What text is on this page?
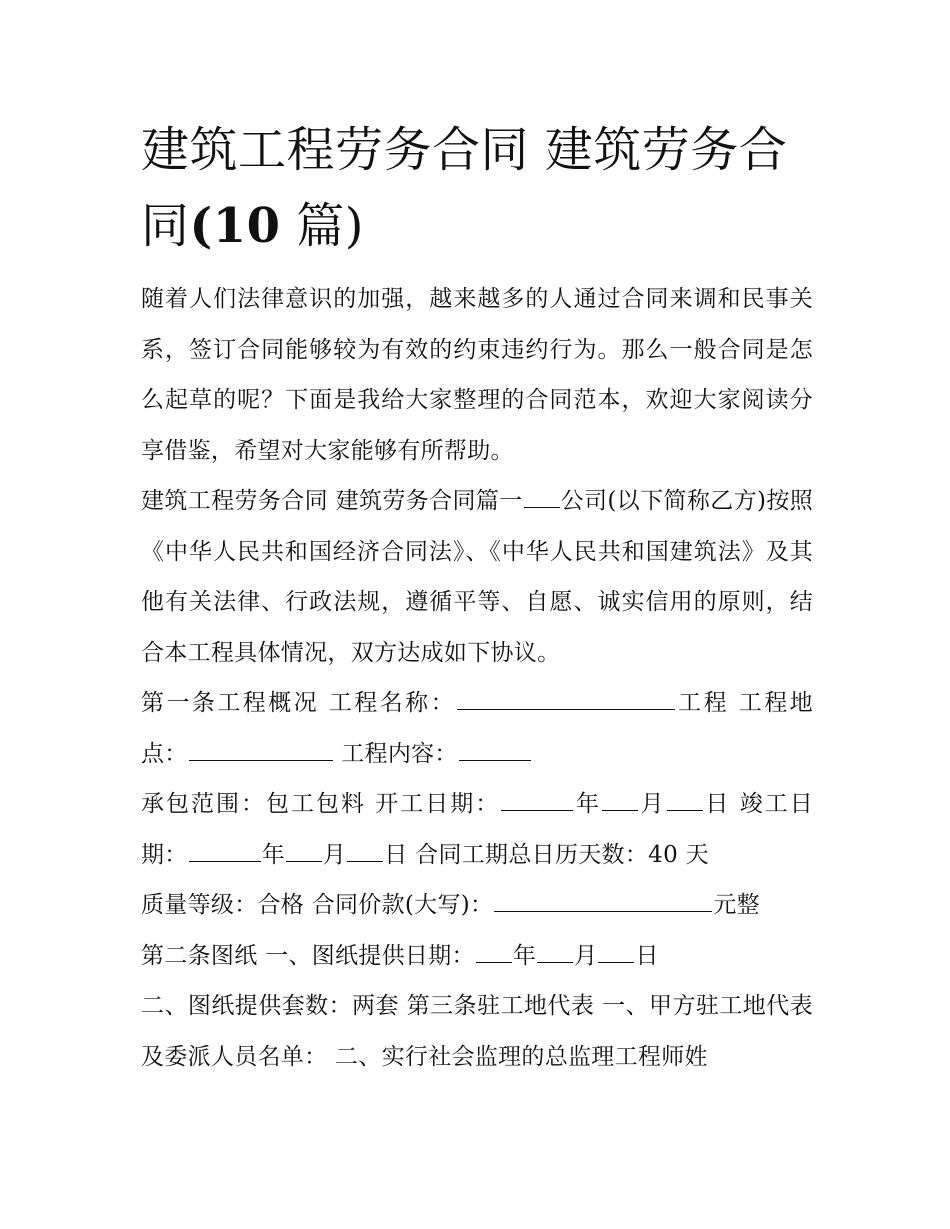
建筑工程劳务合同 建筑劳务合
同(10 篇)

随着人们法律意识的加强，越来越多的人通过合同来调和民事关系，签订合同能够较为有效的约束违约行为。那么一般合同是怎么起草的呢？下面是我给大家整理的合同范本，欢迎大家阅读分享借鉴，希望对大家能够有所帮助。

建筑工程劳务合同 建筑劳务合同篇一 公司(以下简称乙方)按照《中华人民共和国经济合同法》、《中华人民共和国建筑法》及其他有关法律、行政法规，遵循平等、自愿、诚实信用的原则，结合本工程具体情况，双方达成如下协议。

第一条工程概况 工程名称：	工程 工程地点：	工程内容：

承包范围：包工包料 开工日期：	年 月 日 竣工日期：	年 月 日 合同工期总日历天数：40 天

质量等级：合格 合同价款(大写)：	元整

第二条图纸 一、图纸提供日期： 年 月 日

二、图纸提供套数：两套 第三条驻工地代表 一、甲方驻工地代表及委派人员名单： 二、实行社会监理的总监理工程师姓
